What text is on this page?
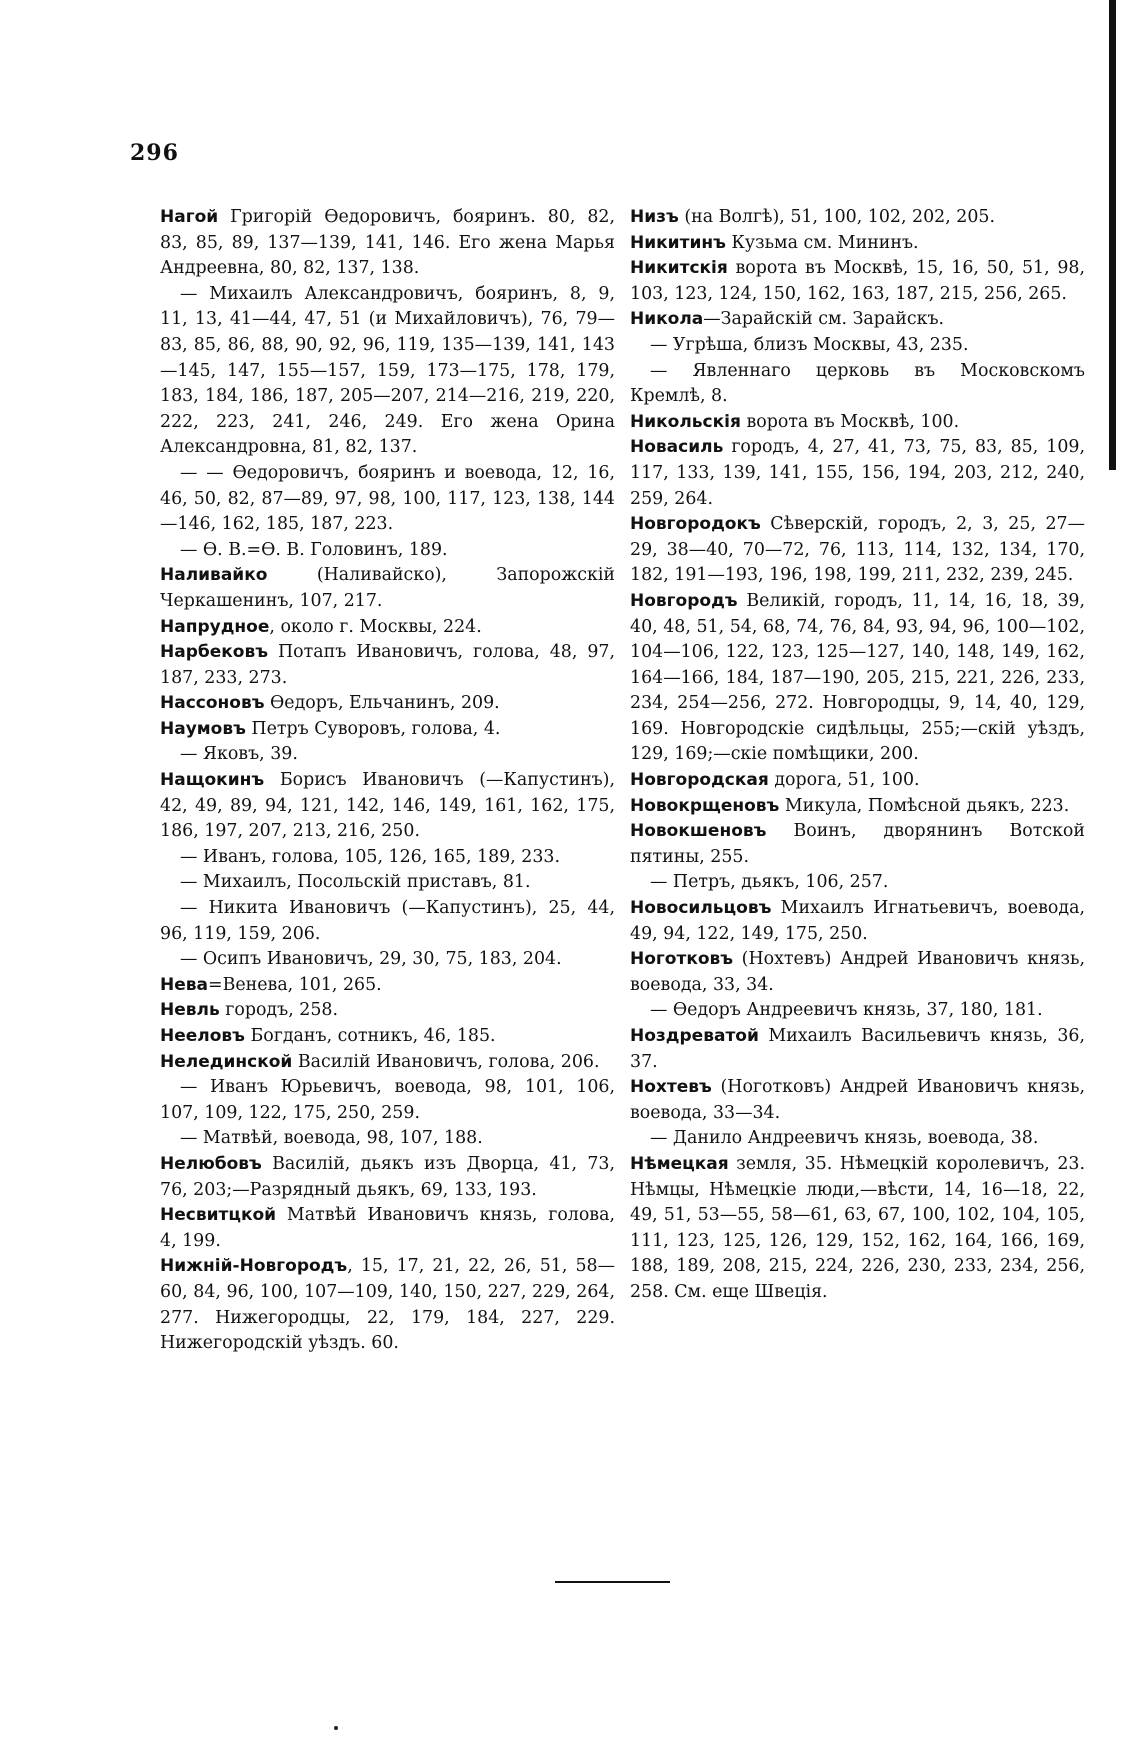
296

Нагой Григорій Өедоровичъ, бояринъ. 80, 82, 83, 85, 89, 137—139, 141, 146. Его жена Марья Андреевна, 80, 82, 137, 138.

— Михаилъ Александровичъ, бояринъ, 8, 9, 11, 13, 41—44, 47, 51 (и Михайловичъ), 76, 79—83, 85, 86, 88, 90, 92, 96, 119, 135—139, 141, 143—145, 147, 155—157, 159, 173—175, 178, 179, 183, 184, 186, 187, 205—207, 214—216, 219, 220, 222, 223, 241, 246, 249. Его жена Орина Александровна, 81, 82, 137.

— — Өедоровичъ, бояринъ и воевода, 12, 16, 46, 50, 82, 87—89, 97, 98, 100, 117, 123, 138, 144—146, 162, 185, 187, 223.

— Ө. В.=Ө. В. Головинъ, 189.

Наливайко (Наливайско), Запорожскій Черкашенинъ, 107, 217.

Напрудное, около г. Москвы, 224.

Нарбековъ Потапъ Ивановичъ, голова, 48, 97, 187, 233, 273.

Нассоновъ Өедоръ, Ельчанинъ, 209.

Наумовъ Петръ Суворовъ, голова, 4.

— Яковъ, 39.

Нащокинъ Борисъ Ивановичъ (—Капустинъ), 42, 49, 89, 94, 121, 142, 146, 149, 161, 162, 175, 186, 197, 207, 213, 216, 250.

— Иванъ, голова, 105, 126, 165, 189, 233.

— Михаилъ, Посольскій приставъ, 81.

— Никита Ивановичъ (—Капустинъ), 25, 44, 96, 119, 159, 206.

— Осипъ Ивановичъ, 29, 30, 75, 183, 204.

Нева=Венева, 101, 265.

Невль городъ, 258.

Нееловъ Богданъ, сотникъ, 46, 185.

Нелединской Василій Ивановичъ, голова, 206.

— Иванъ Юрьевичъ, воевода, 98, 101, 106, 107, 109, 122, 175, 250, 259.

— Матвѣй, воевода, 98, 107, 188.

Нелюбовъ Василій, дьякъ изъ Дворца, 41, 73, 76, 203;—Разрядный дьякъ, 69, 133, 193.

Несвитцкой Матвѣй Ивановичъ князь, голова, 4, 199.

Нижній-Новгородъ, 15, 17, 21, 22, 26, 51, 58—60, 84, 96, 100, 107—109, 140, 150, 227, 229, 264, 277. Нижегородцы, 22, 179, 184, 227, 229. Нижегородскій уѣздъ. 60.

Низъ (на Волгѣ), 51, 100, 102, 202, 205.

Никитинъ Кузьма см. Мининъ.

Никитскія ворота въ Москвѣ, 15, 16, 50, 51, 98, 103, 123, 124, 150, 162, 163, 187, 215, 256, 265.

Никола—Зарайскій см. Зарайскъ.

— Угрѣша, близъ Москвы, 43, 235.

— Явленнаго церковь въ Московскомъ Кремлѣ, 8.

Никольскія ворота въ Москвѣ, 100.

Новасиль городъ, 4, 27, 41, 73, 75, 83, 85, 109, 117, 133, 139, 141, 155, 156, 194, 203, 212, 240, 259, 264.

Новгородокъ Сѣверскій, городъ, 2, 3, 25, 27—29, 38—40, 70—72, 76, 113, 114, 132, 134, 170, 182, 191—193, 196, 198, 199, 211, 232, 239, 245.

Новгородъ Великій, городъ, 11, 14, 16, 18, 39, 40, 48, 51, 54, 68, 74, 76, 84, 93, 94, 96, 100—102, 104—106, 122, 123, 125—127, 140, 148, 149, 162, 164—166, 184, 187—190, 205, 215, 221, 226, 233, 234, 254—256, 272. Новгородцы, 9, 14, 40, 129, 169. Новгородскіе сидѣльцы, 255;—скій уѣздъ, 129, 169;—скіе помѣщики, 200.

Новгородская дорога, 51, 100.

Новокрщеновъ Микула, Помѣсной дьякъ, 223.

Новокшеновъ Воинъ, дворянинъ Вотской пятины, 255.

— Петръ, дьякъ, 106, 257.

Новосильцовъ Михаилъ Игнатьевичъ, воевода, 49, 94, 122, 149, 175, 250.

Ноготковъ (Нохтевъ) Андрей Ивановичъ князь, воевода, 33, 34.

— Өедоръ Андреевичъ князь, 37, 180, 181.

Ноздреватой Михаилъ Васильевичъ князь, 36, 37.

Нохтевъ (Ноготковъ) Андрей Ивановичъ князь, воевода, 33—34.

— Данило Андреевичъ князь, воевода, 38.

Нѣмецкая земля, 35. Нѣмецкій королевичъ, 23. Нѣмцы, Нѣмецкіе люди,—вѣсти, 14, 16—18, 22, 49, 51, 53—55, 58—61, 63, 67, 100, 102, 104, 105, 111, 123, 125, 126, 129, 152, 162, 164, 166, 169, 188, 189, 208, 215, 224, 226, 230, 233, 234, 256, 258. См. еще Швеція.
